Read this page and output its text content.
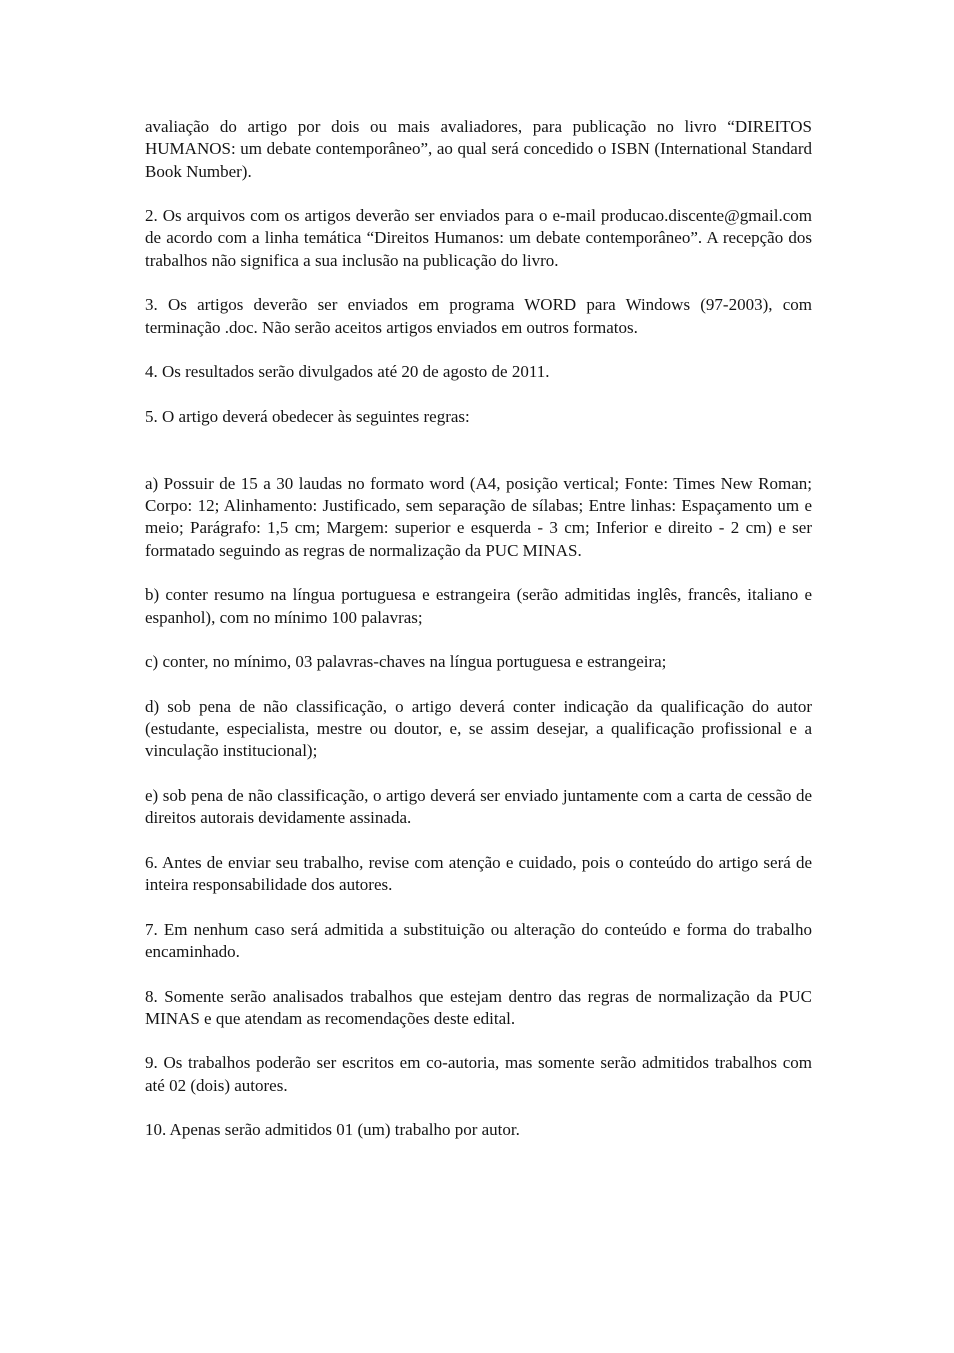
avaliação do artigo por dois ou mais avaliadores, para publicação no livro “DIREITOS HUMANOS: um debate contemporâneo”, ao qual será concedido o ISBN (International Standard Book Number).

2. Os arquivos com os artigos deverão ser enviados para o e-mail producao.discente@gmail.com de acordo com a linha temática “Direitos Humanos: um debate contemporâneo”. A recepção dos trabalhos não significa a sua inclusão na publicação do livro.

3. Os artigos deverão ser enviados em programa WORD para Windows (97-2003), com terminação .doc. Não serão aceitos artigos enviados em outros formatos.

4. Os resultados serão divulgados até 20 de agosto de 2011.

5. O artigo deverá obedecer às seguintes regras:

a) Possuir de 15 a 30 laudas no formato word (A4, posição vertical; Fonte: Times New Roman; Corpo: 12; Alinhamento: Justificado, sem separação de sílabas; Entre linhas: Espaçamento um e meio; Parágrafo: 1,5 cm; Margem: superior e esquerda - 3 cm; Inferior e direito - 2 cm) e ser formatado seguindo as regras de normalização da PUC MINAS.

b) conter resumo na língua portuguesa e estrangeira (serão admitidas inglês, francês, italiano e espanhol), com no mínimo 100 palavras;

c) conter, no mínimo, 03 palavras-chaves na língua portuguesa e estrangeira;

d) sob pena de não classificação, o artigo deverá conter indicação da qualificação do autor (estudante, especialista, mestre ou doutor, e, se assim desejar, a qualificação profissional e a vinculação institucional);

e) sob pena de não classificação, o artigo deverá ser enviado juntamente com a carta de cessão de direitos autorais devidamente assinada.

6. Antes de enviar seu trabalho, revise com atenção e cuidado, pois o conteúdo do artigo será de inteira responsabilidade dos autores.

7. Em nenhum caso será admitida a substituição ou alteração do conteúdo e forma do trabalho encaminhado.

8. Somente serão analisados trabalhos que estejam dentro das regras de normalização da PUC MINAS e que atendam as recomendações deste edital.

9. Os trabalhos poderão ser escritos em co-autoria, mas somente serão admitidos trabalhos com até 02 (dois) autores.

10. Apenas serão admitidos 01 (um) trabalho por autor.
